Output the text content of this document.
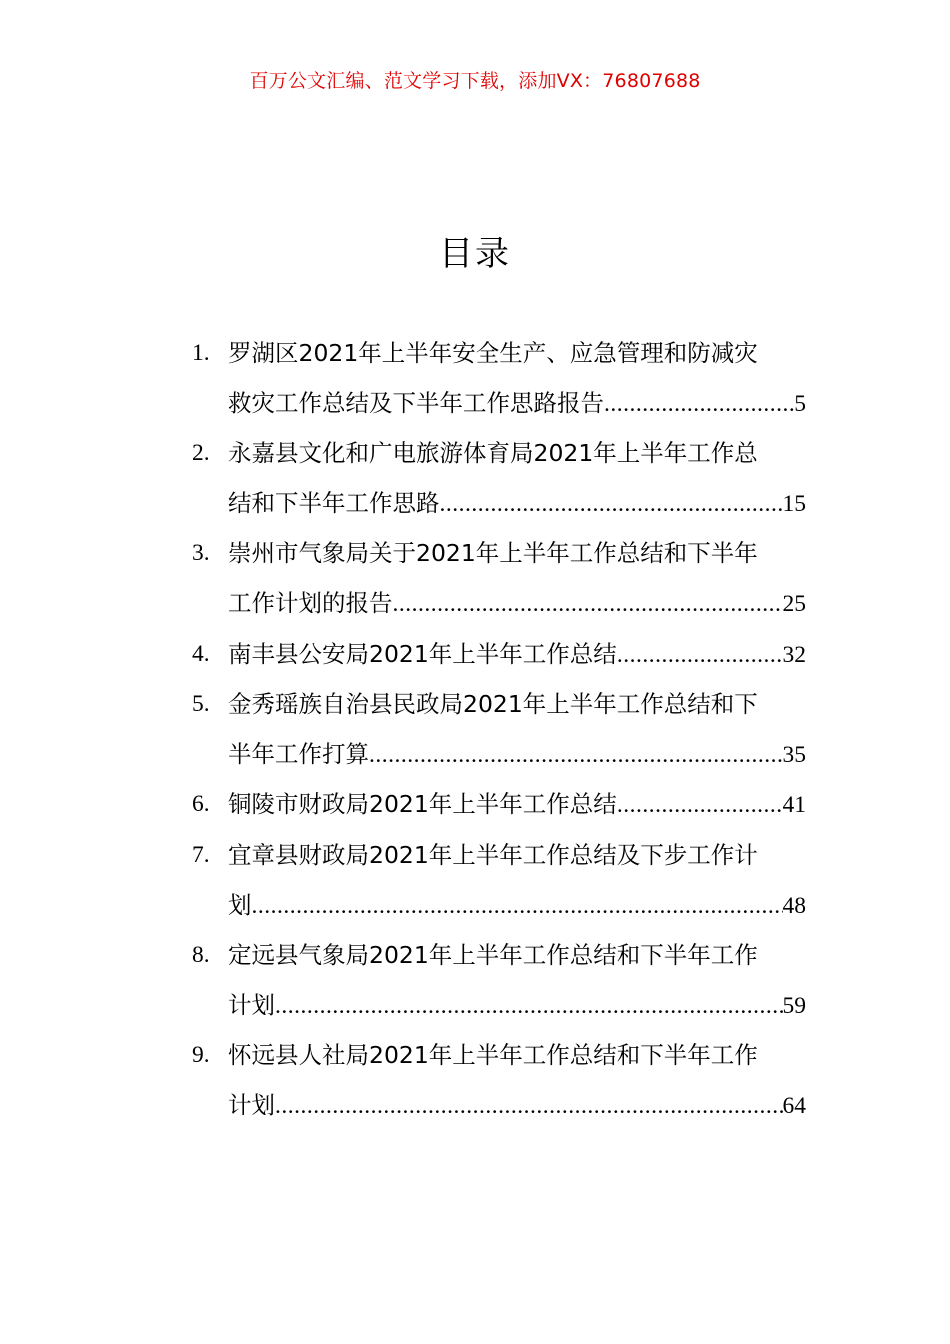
百万公文汇编、范文学习下载，添加VX：76807688
目录
1. 罗湖区2021年上半年安全生产、应急管理和防减灾
救灾工作总结及下半年工作思路报告 .....	5
2. 永嘉县文化和广电旅游体育局2021年上半年工作总
结和下半年工作思路 .....	15
3. 崇州市气象局关于2021年上半年工作总结和下半年
工作计划的报告 .....	25
4. 南丰县公安局2021年上半年工作总结 .....	32
5. 金秀瑶族自治县民政局2021年上半年工作总结和下
半年工作打算 .....	35
6. 铜陵市财政局2021年上半年工作总结 .....	41
7. 宜章县财政局2021年上半年工作总结及下步工作计
划 .....	48
8. 定远县气象局2021年上半年工作总结和下半年工作
计划 .....	59
9. 怀远县人社局2021年上半年工作总结和下半年工作
计划 .....	64
